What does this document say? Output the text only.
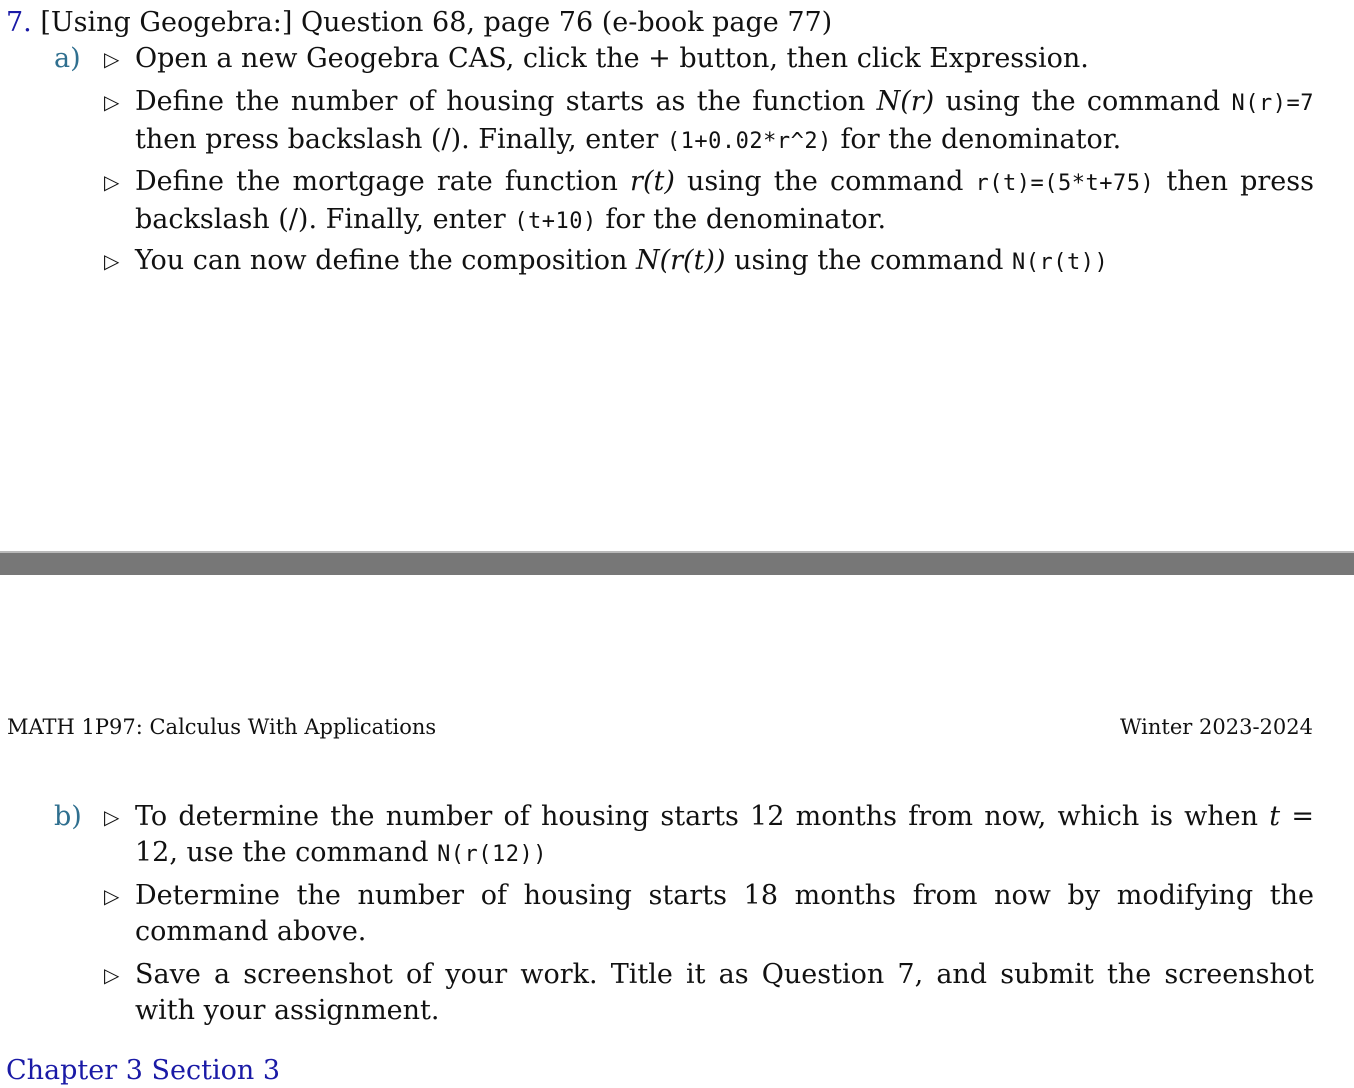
7. [Using Geogebra:] Question 68, page 76 (e-book page 77)
a) ▷ Open a new Geogebra CAS, click the + button, then click Expression.
▷ Define the number of housing starts as the function N(r) using the command N(r)=7 then press backslash (/). Finally, enter (1+0.02*r^2) for the denominator.
▷ Define the mortgage rate function r(t) using the command r(t)=(5*t+75) then press backslash (/). Finally, enter (t+10) for the denominator.
▷ You can now define the composition N(r(t)) using the command N(r(t))
MATH 1P97: Calculus With Applications	Winter 2023-2024
b) ▷ To determine the number of housing starts 12 months from now, which is when t = 12, use the command N(r(12))
▷ Determine the number of housing starts 18 months from now by modifying the command above.
▷ Save a screenshot of your work. Title it as Question 7, and submit the screenshot with your assignment.
Chapter 3 Section 3
